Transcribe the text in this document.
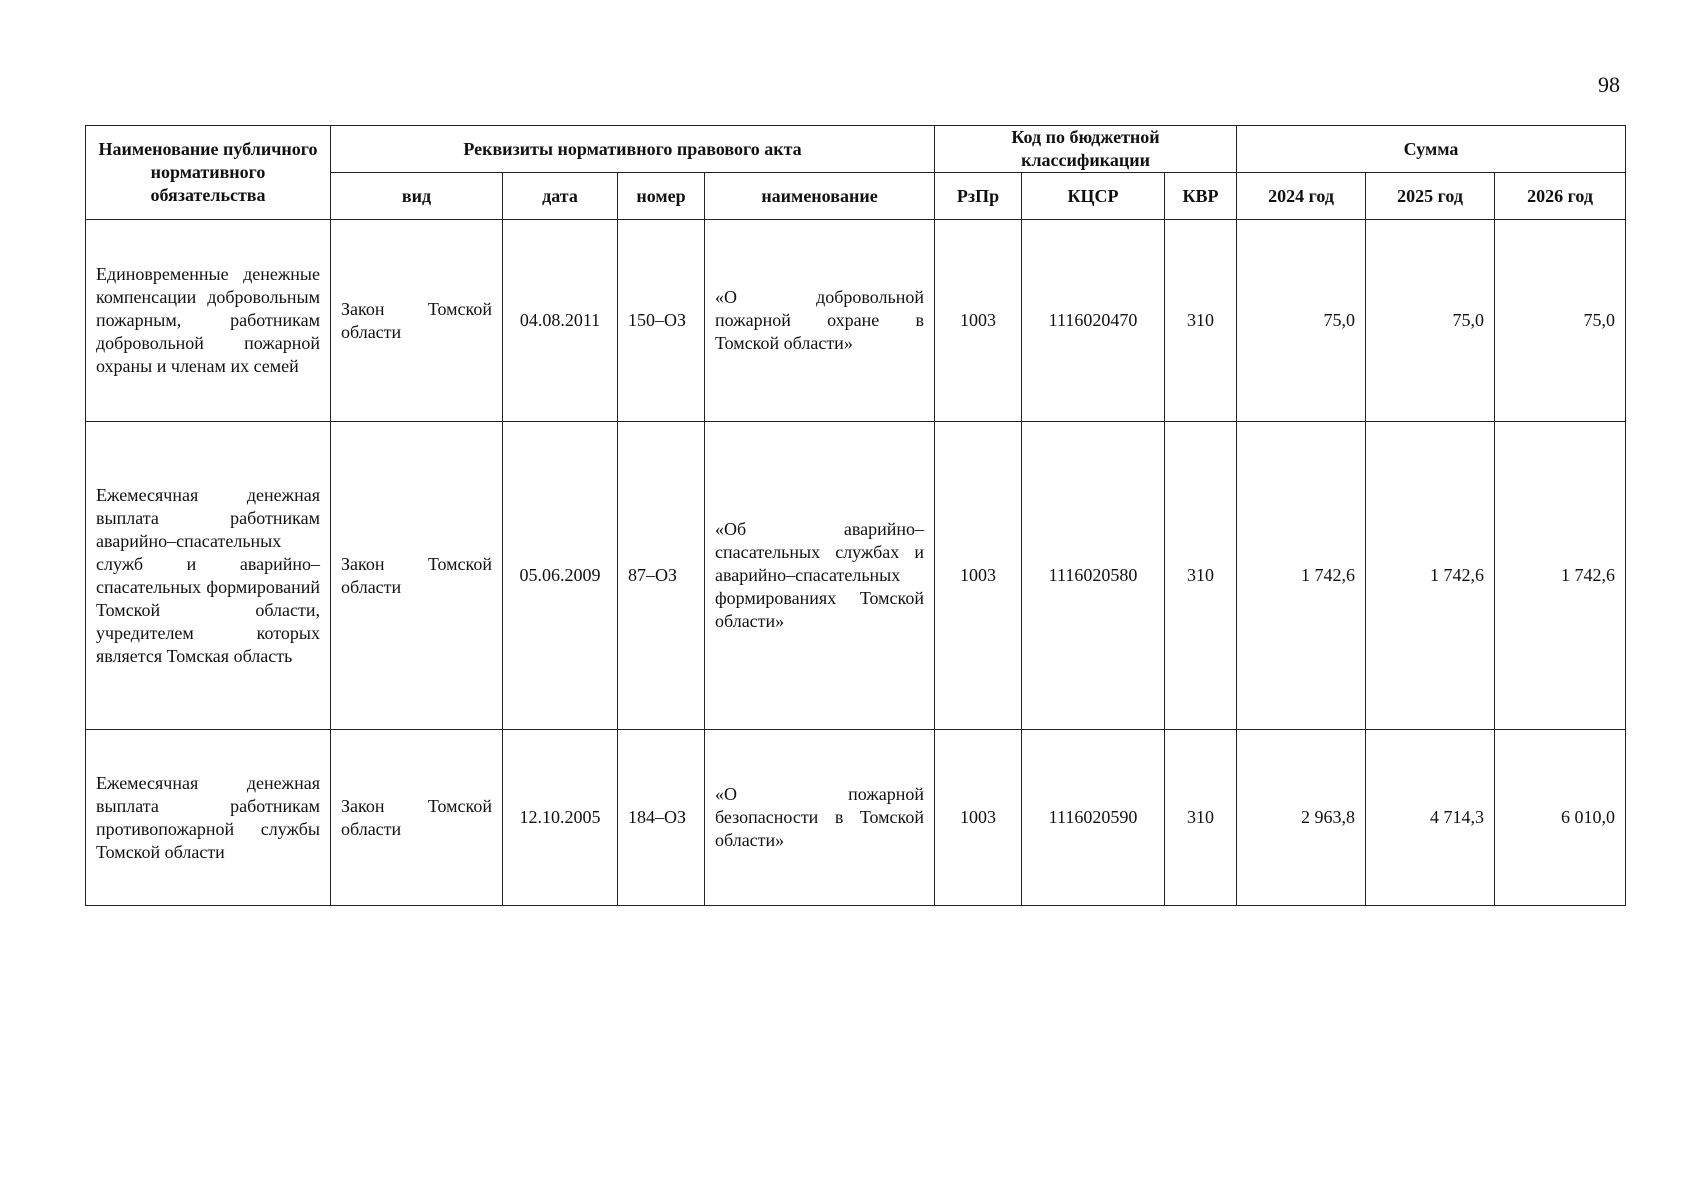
98
Наименование публичного нормативного обязательства	Реквизиты нормативного правового акта				Код по бюджетной классификации			Сумма		
	вид	дата	номер	наименование	РзПр	КЦСР	КВР	2024 год	2025 год	2026 год
Единовременные денежные компенсации добровольным пожарным, работникам добровольной пожарной охраны и членам их семей	Закон Томской области	04.08.2011	150–ОЗ	«О добровольной пожарной охране в Томской области»	1003	1116020470	310	75,0	75,0	75,0
Ежемесячная денежная выплата работникам аварийно–спасательных служб и аварийно–спасательных формирований Томской области, учредителем которых является Томская область	Закон Томской области	05.06.2009	87–ОЗ	«Об аварийно–спасательных службах и аварийно–спасательных формированиях Томской области»	1003	1116020580	310	1 742,6	1 742,6	1 742,6
Ежемесячная денежная выплата работникам противопожарной службы Томской области	Закон Томской области	12.10.2005	184–ОЗ	«О пожарной безопасности в Томской области»	1003	1116020590	310	2 963,8	4 714,3	6 010,0
